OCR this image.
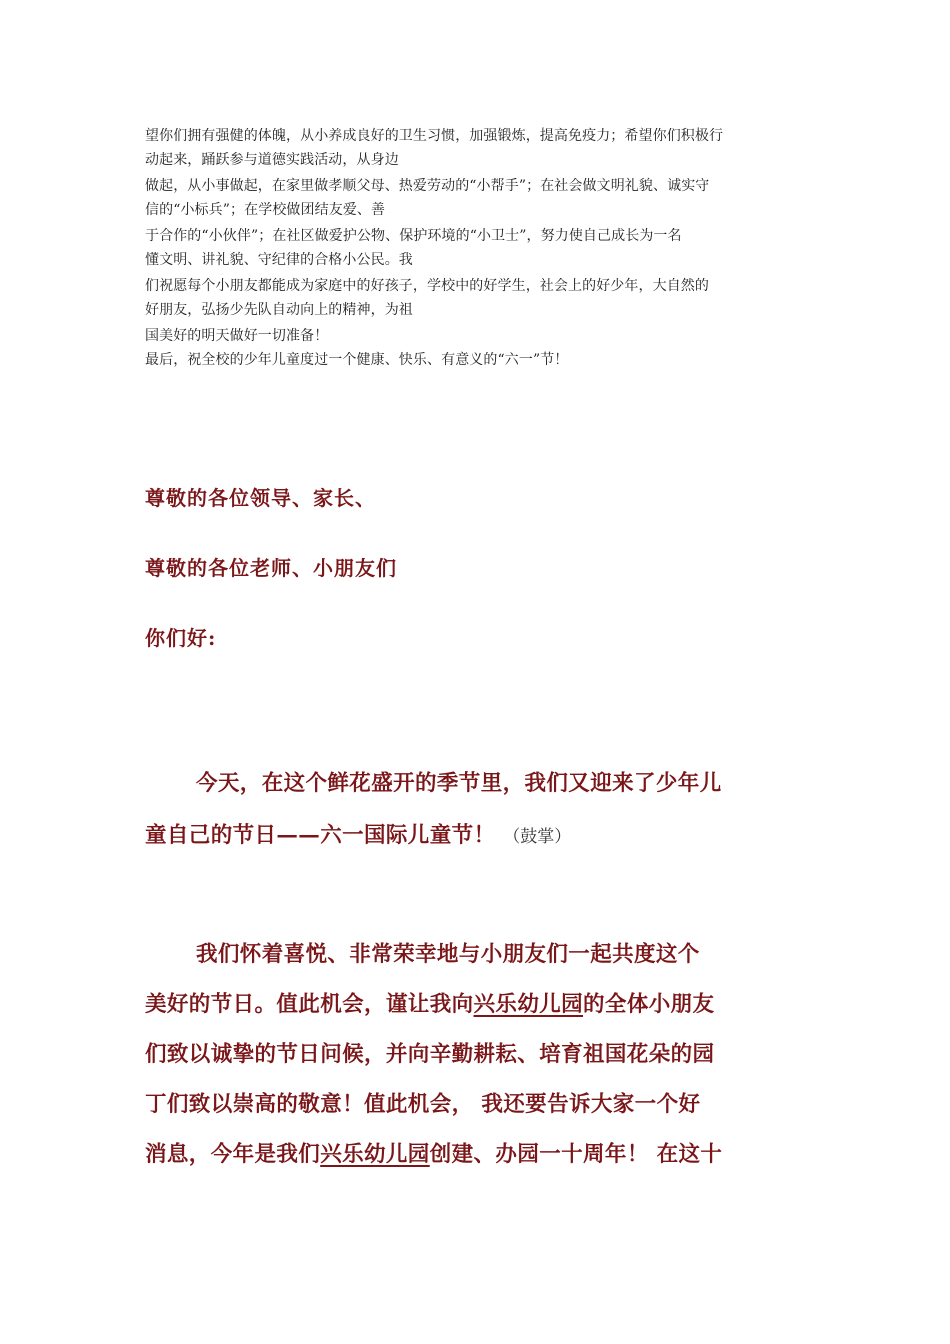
望你们拥有强健的体魄，从小养成良好的卫生习惯，加强锻炼，提高免疫力；希望你们积极行
动起来，踊跃参与道德实践活动，从身边
做起，从小事做起，在家里做孝顺父母、热爱劳动的“小帮手”；在社会做文明礼貌、诚实守
信的“小标兵”；在学校做团结友爱、善
于合作的“小伙伴”；在社区做爱护公物、保护环境的“小卫士”，努力使自己成长为一名
懂文明、讲礼貌、守纪律的合格小公民。我
们祝愿每个小朋友都能成为家庭中的好孩子，学校中的好学生，社会上的好少年，大自然的
好朋友，弘扬少先队自动向上的精神，为祖
国美好的明天做好一切准备！
最后，祝全校的少年儿童度过一个健康、快乐、有意义的“六一”节！
尊敬的各位领导、家长、
尊敬的各位老师、小朋友们
你们好:
今天，在这个鲜花盛开的季节里，我们又迎来了少年儿
童自己的节日——六一国际儿童节！ （鼓掌）
我们怀着喜悦、非常荣幸地与小朋友们一起共度这个
美好的节日。值此机会，谨让我向兴乐幼儿园的全体小朋友
们致以诚挚的节日问候，并向辛勤耕耘、培育祖国花朵的园
丁们致以崇高的敬意！值此机会， 我还要告诉大家一个好
消息，今年是我们兴乐幼儿园创建、办园一十周年！ 在这十
